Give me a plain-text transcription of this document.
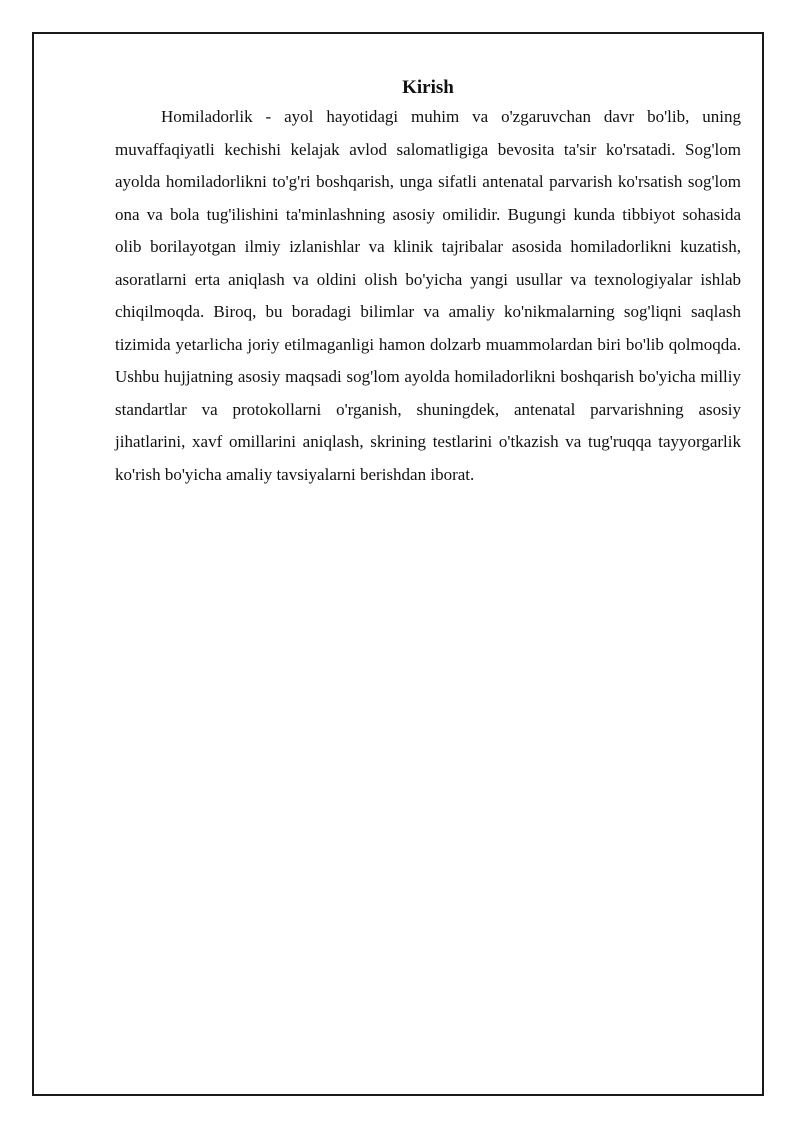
Kirish

Homiladorlik - ayol hayotidagi muhim va o'zgaruvchan davr bo'lib, uning muvaffaqiyatli kechishi kelajak avlod salomatligiga bevosita ta'sir ko'rsatadi. Sog'lom ayolda homiladorlikni to'g'ri boshqarish, unga sifatli antenatal parvarish ko'rsatish sog'lom ona va bola tug'ilishini ta'minlashning asosiy omilidir. Bugungi kunda tibbiyot sohasida olib borilayotgan ilmiy izlanishlar va klinik tajribalar asosida homiladorlikni kuzatish, asoratlarni erta aniqlash va oldini olish bo'yicha yangi usullar va texnologiyalar ishlab chiqilmoqda. Biroq, bu boradagi bilimlar va amaliy ko'nikmalarning sog'liqni saqlash tizimida yetarlicha joriy etilmaganligi hamon dolzarb muammolardan biri bo'lib qolmoqda. Ushbu hujjatning asosiy maqsadi sog'lom ayolda homiladorlikni boshqarish bo'yicha milliy standartlar va protokollarni o'rganish, shuningdek, antenatal parvarishning asosiy jihatlarini, xavf omillarini aniqlash, skrining testlarini o'tkazish va tug'ruqqa tayyorgarlik ko'rish bo'yicha amaliy tavsiyalarni berishdan iborat.
